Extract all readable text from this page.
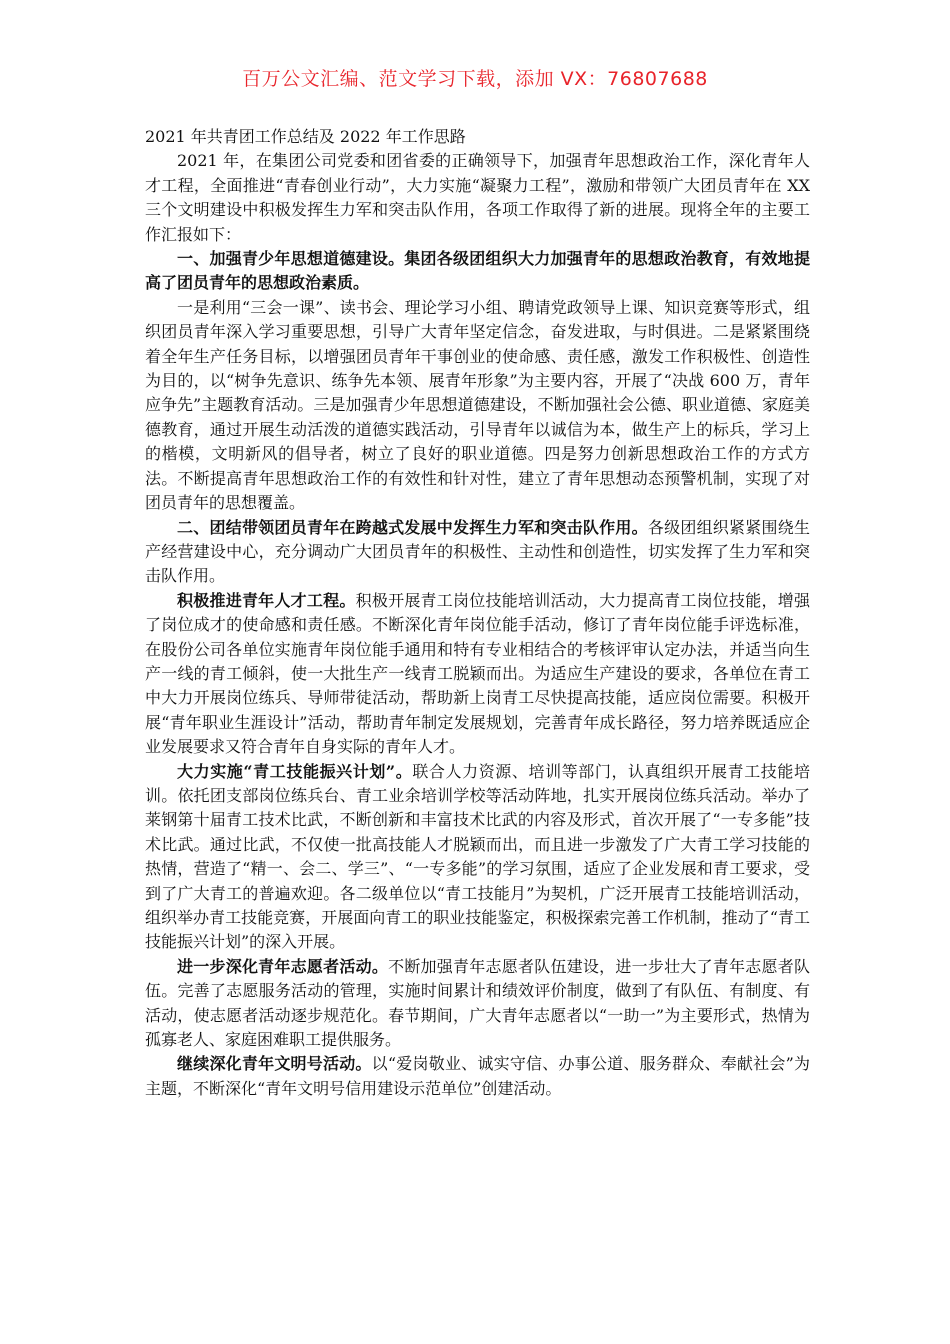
百万公文汇编、范文学习下载，添加 VX：76807688

2021 年共青团工作总结及 2022 年工作思路

2021 年，在集团公司党委和团省委的正确领导下，加强青年思想政治工作，深化青年人才工程，全面推进“青春创业行动”，大力实施“凝聚力工程”，激励和带领广大团员青年在 XX 三个文明建设中积极发挥生力军和突击队作用，各项工作取得了新的进展。现将全年的主要工作汇报如下：

一、加强青少年思想道德建设。集团各级团组织大力加强青年的思想政治教育，有效地提高了团员青年的思想政治素质。

一是利用“三会一课”、读书会、理论学习小组、聘请党政领导上课、知识竞赛等形式，组织团员青年深入学习重要思想，引导广大青年坚定信念，奋发进取，与时俱进。二是紧紧围绕着全年生产任务目标，以增强团员青年干事创业的使命感、责任感，激发工作积极性、创造性为目的，以“树争先意识、练争先本领、展青年形象”为主要内容，开展了“决战 600 万，青年应争先”主题教育活动。三是加强青少年思想道德建设，不断加强社会公德、职业道德、家庭美德教育，通过开展生动活泼的道德实践活动，引导青年以诚信为本，做生产上的标兵，学习上的楷模，文明新风的倡导者，树立了良好的职业道德。四是努力创新思想政治工作的方式方法。不断提高青年思想政治工作的有效性和针对性，建立了青年思想动态预警机制，实现了对团员青年的思想覆盖。

二、团结带领团员青年在跨越式发展中发挥生力军和突击队作用。各级团组织紧紧围绕生产经营建设中心，充分调动广大团员青年的积极性、主动性和创造性，切实发挥了生力军和突击队作用。

积极推进青年人才工程。积极开展青工岗位技能培训活动，大力提高青工岗位技能，增强了岗位成才的使命感和责任感。不断深化青年岗位能手活动，修订了青年岗位能手评选标准，在股份公司各单位实施青年岗位能手通用和特有专业相结合的考核评审认定办法，并适当向生产一线的青工倾斜，使一大批生产一线青工脱颖而出。为适应生产建设的要求，各单位在青工中大力开展岗位练兵、导师带徒活动，帮助新上岗青工尽快提高技能，适应岗位需要。积极开展“青年职业生涯设计”活动，帮助青年制定发展规划，完善青年成长路径，努力培养既适应企业发展要求又符合青年自身实际的青年人才。

大力实施“青工技能振兴计划”。联合人力资源、培训等部门，认真组织开展青工技能培训。依托团支部岗位练兵台、青工业余培训学校等活动阵地，扎实开展岗位练兵活动。举办了莱钢第十届青工技术比武，不断创新和丰富技术比武的内容及形式，首次开展了“一专多能”技术比武。通过比武，不仅使一批高技能人才脱颖而出，而且进一步激发了广大青工学习技能的热情，营造了“精一、会二、学三”、“一专多能”的学习氛围，适应了企业发展和青工要求，受到了广大青工的普遍欢迎。各二级单位以“青工技能月”为契机，广泛开展青工技能培训活动，组织举办青工技能竞赛，开展面向青工的职业技能鉴定，积极探索完善工作机制，推动了“青工技能振兴计划”的深入开展。

进一步深化青年志愿者活动。不断加强青年志愿者队伍建设，进一步壮大了青年志愿者队伍。完善了志愿服务活动的管理，实施时间累计和绩效评价制度，做到了有队伍、有制度、有活动，使志愿者活动逐步规范化。春节期间，广大青年志愿者以“一助一”为主要形式，热情为孤寡老人、家庭困难职工提供服务。

继续深化青年文明号活动。以“爱岗敬业、诚实守信、办事公道、服务群众、奉献社会”为主题，不断深化“青年文明号信用建设示范单位”创建活动。
